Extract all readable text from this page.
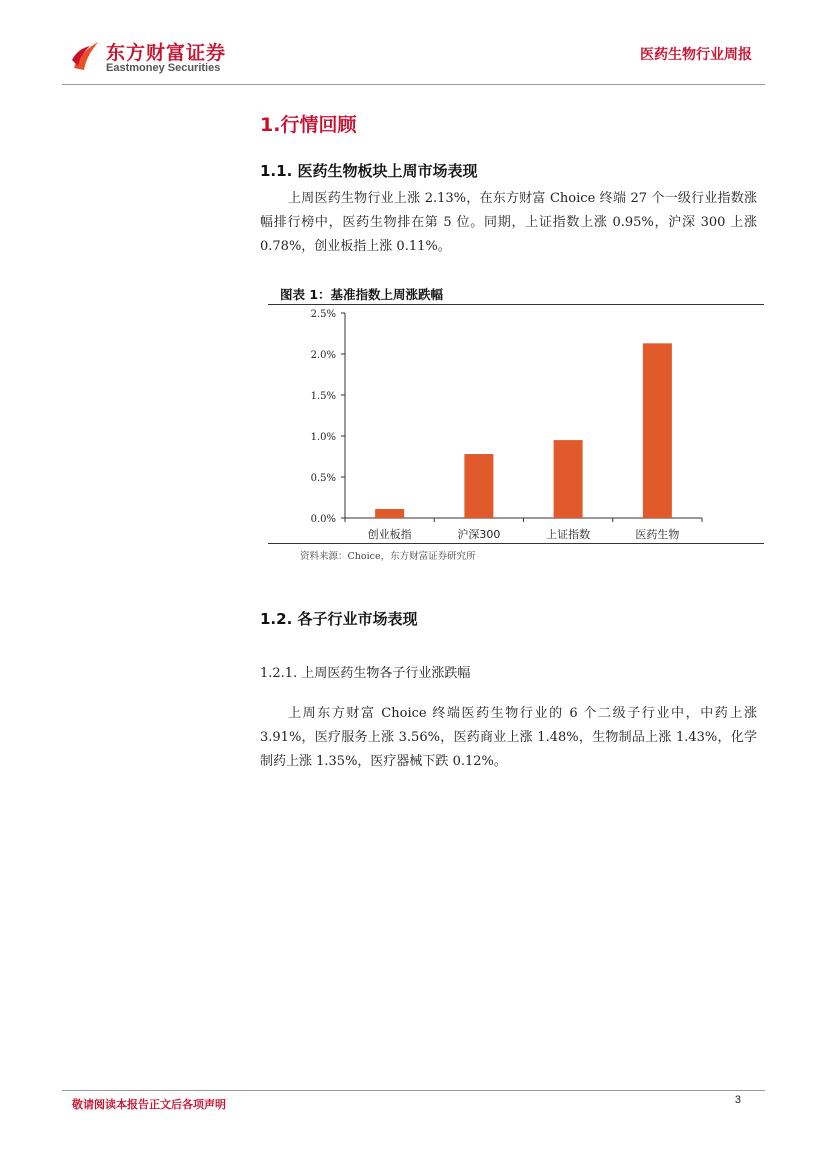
东方财富证券
Eastmoney Securities
医药生物行业周报
1.行情回顾
1.1. 医药生物板块上周市场表现
上周医药生物行业上涨 2.13%，在东方财富 Choice 终端 27 个一级行业指数涨幅排行榜中，医药生物排在第 5 位。同期，上证指数上涨 0.95%，沪深 300 上涨 0.78%，创业板指上涨 0.11%。
图表 1：基准指数上周涨跌幅
0.0%
0.5%
1.0%
1.5%
2.0%
2.5%
创业板指	沪深300	上证指数	医药生物
资料来源：Choice，东方财富证券研究所
1.2. 各子行业市场表现
1.2.1. 上周医药生物各子行业涨跌幅
上周东方财富 Choice 终端医药生物行业的 6 个二级子行业中，中药上涨 3.91%，医疗服务上涨 3.56%，医药商业上涨 1.48%，生物制品上涨 1.43%，化学制药上涨 1.35%，医疗器械下跌 0.12%。
敬请阅读本报告正文后各项声明	3
